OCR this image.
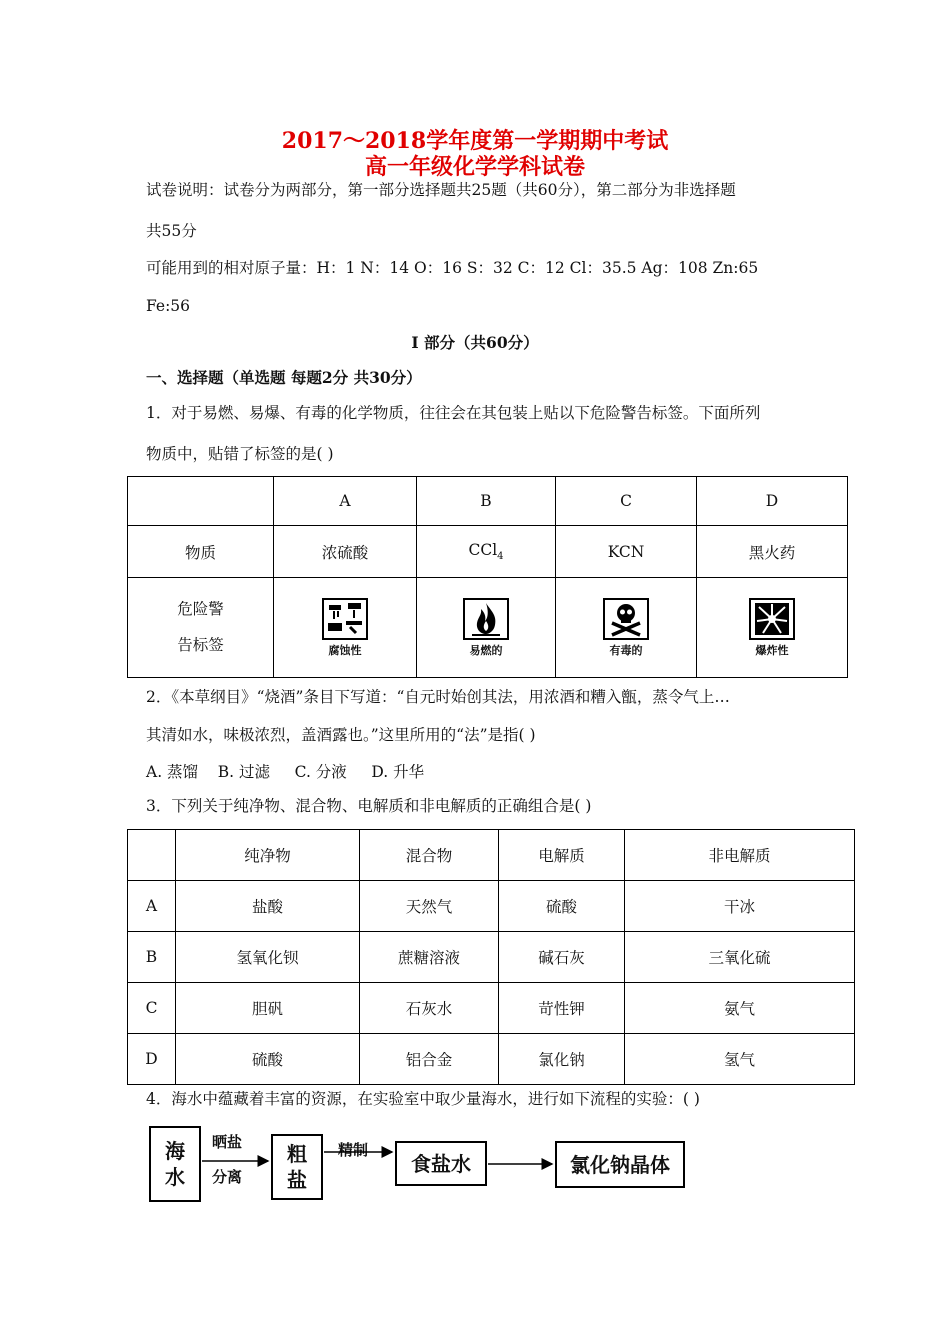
2017～2018学年度第一学期期中考试
高一年级化学学科试卷
试卷说明：试卷分为两部分，第一部分选择题共25题（共60分），第二部分为非选择题
共55分
可能用到的相对原子量：H：1 N：14 O：16 S：32 C：12 Cl：35.5 Ag：108 Zn:65
Fe:56
I 部分（共60分）
一、选择题（单选题 每题2分 共30分）
1．对于易燃、易爆、有毒的化学物质，往往会在其包装上贴以下危险警告标签。下面所列
物质中，贴错了标签的是( )
	A	B	C	D
物质	浓硫酸	CCl$_4$	KCN	黑火药

危险警
告标签	腐蚀性	易燃的	有毒的	爆炸性
2．《本草纲目》“烧酒”条目下写道：“自元时始创其法，用浓酒和糟入甑，蒸令气上…
其清如水，味极浓烈，盖酒露也。”这里所用的“法”是指( )
A. 蒸馏    B. 过滤     C. 分液     D. 升华
3．下列关于纯净物、混合物、电解质和非电解质的正确组合是( )
	纯净物	混合物	电解质	非电解质
A	盐酸	天然气	硫酸	干冰
B	氢氧化钡	蔗糖溶液	碱石灰	三氧化硫
C	胆矾	石灰水	苛性钾	氨气
D	硫酸	铝合金	氯化钠	氢气
4．海水中蕴藏着丰富的资源，在实验室中取少量海水，进行如下流程的实验：( )
海
水
晒盐
分离
粗
盐
精制
食盐水	氯化钠晶体
